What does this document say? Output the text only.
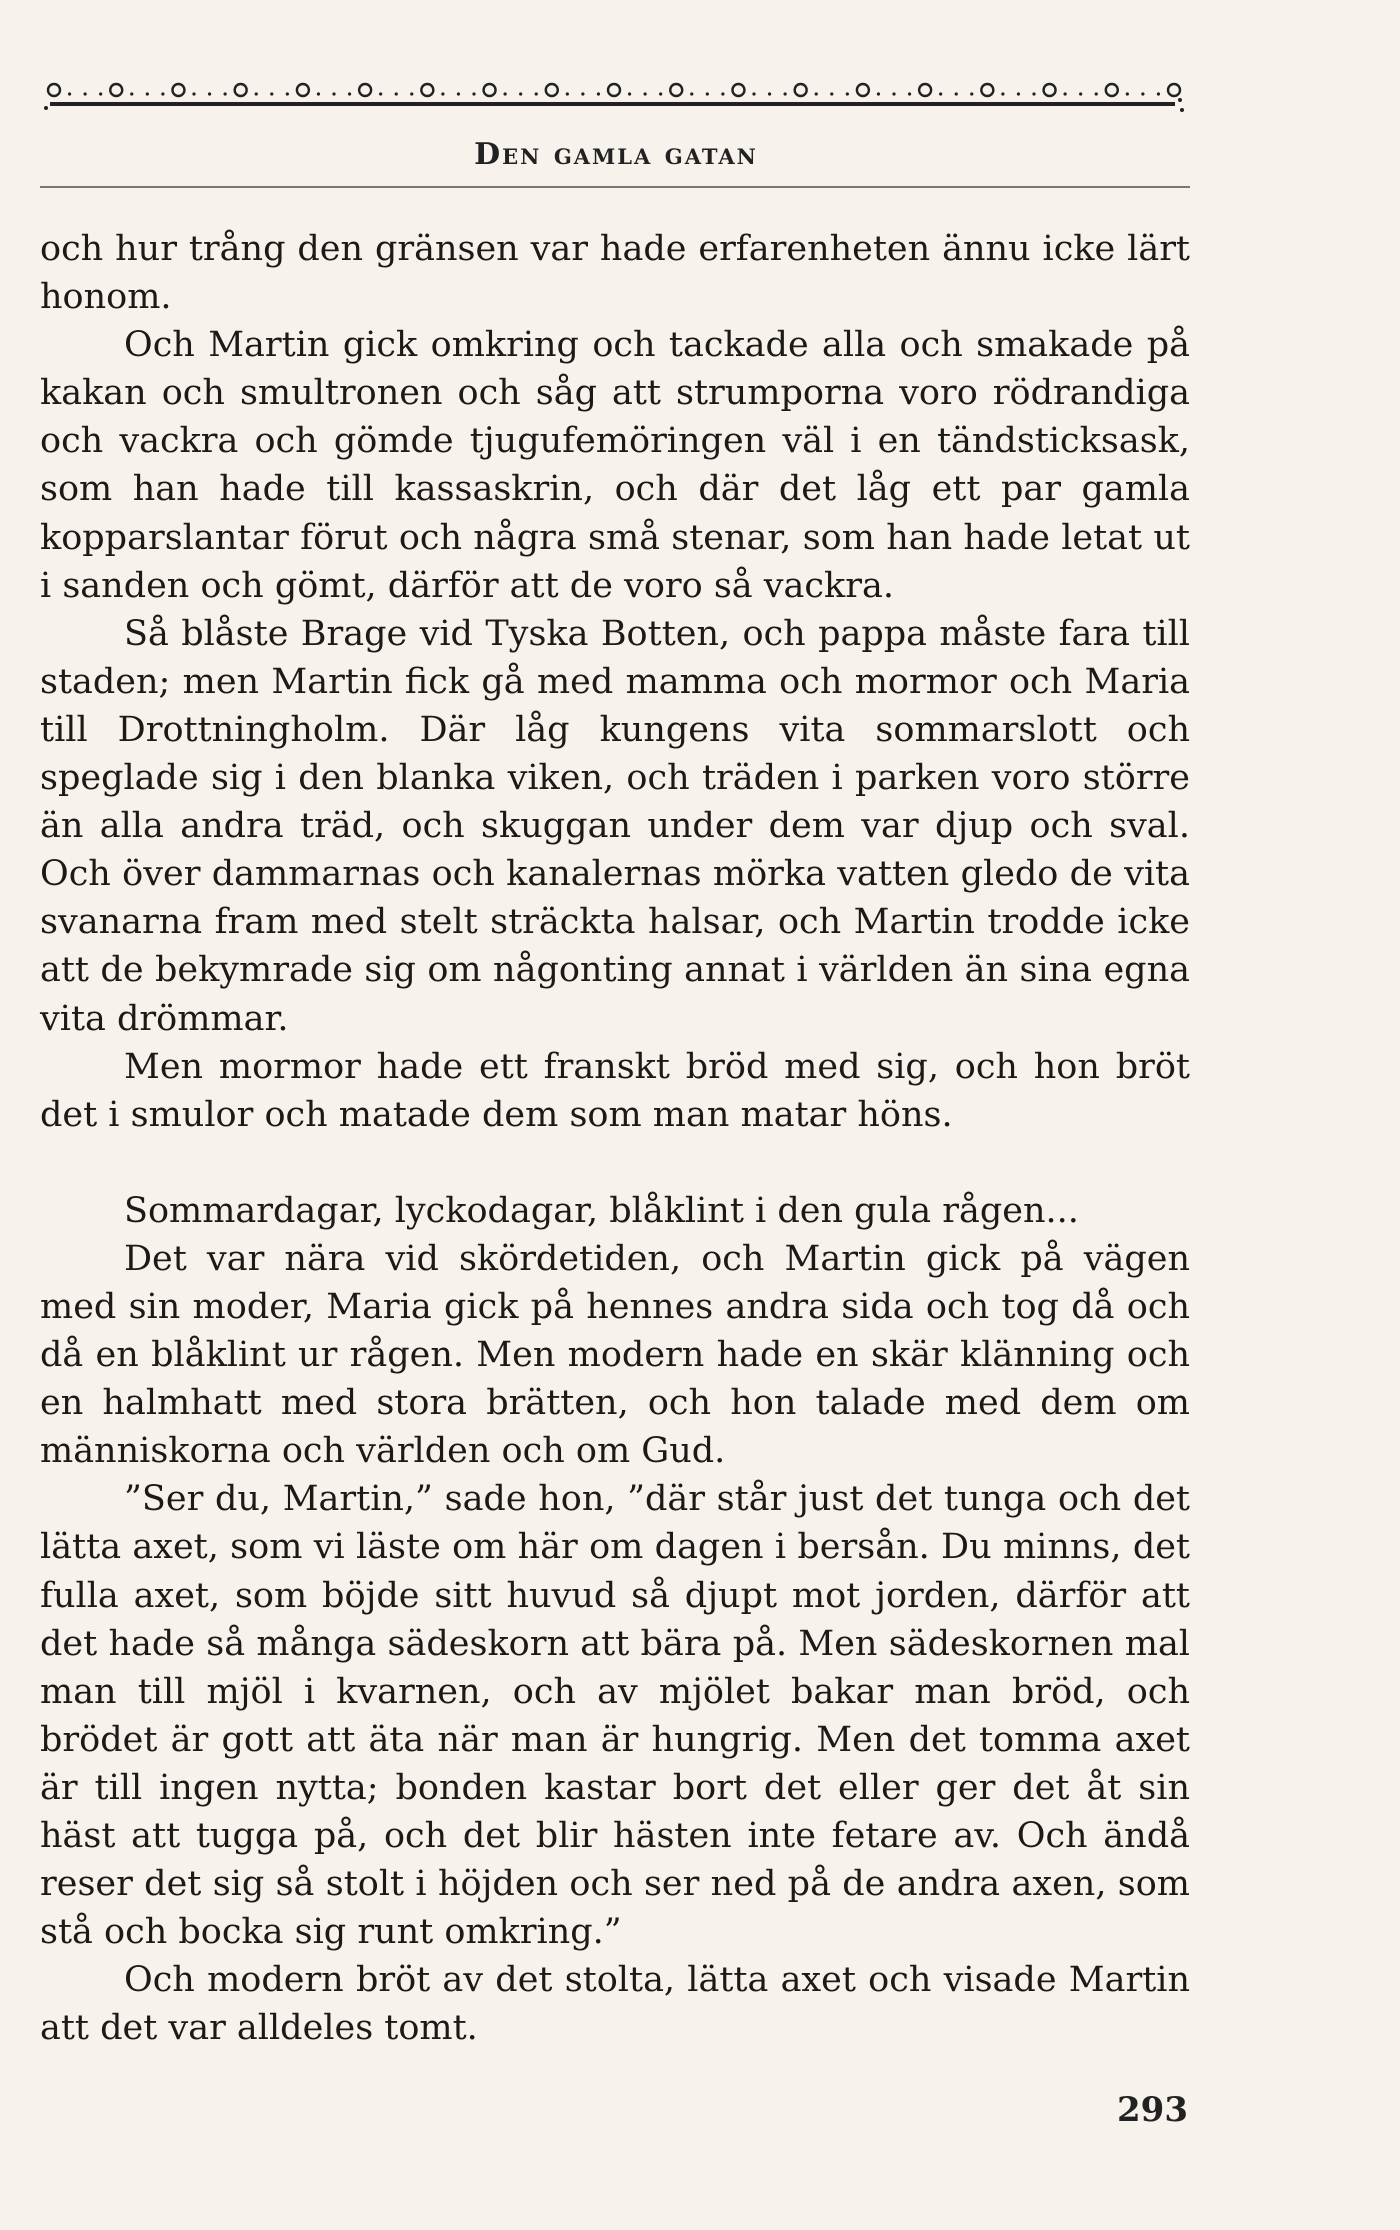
Den gamla gatan

och hur trång den gränsen var hade erfarenheten ännu icke lärt honom.

Och Martin gick omkring och tackade alla och smakade på kakan och smultronen och såg att strumporna voro rödrandiga och vackra och gömde tjugufemöringen väl i en tändsticksask, som han hade till kassaskrin, och där det låg ett par gamla kopparslantar förut och några små stenar, som han hade letat ut i sanden och gömt, därför att de voro så vackra.

Så blåste Brage vid Tyska Botten, och pappa måste fara till staden; men Martin fick gå med mamma och mormor och Maria till Drottningholm. Där låg kungens vita sommarslott och speglade sig i den blanka viken, och träden i parken voro större än alla andra träd, och skuggan under dem var djup och sval. Och över dammarnas och kanalernas mörka vatten gledo de vita svanarna fram med stelt sträckta halsar, och Martin trodde icke att de bekymrade sig om någonting annat i världen än sina egna vita drömmar.

Men mormor hade ett franskt bröd med sig, och hon bröt det i smulor och matade dem som man matar höns.

Sommardagar, lyckodagar, blåklint i den gula rågen...

Det var nära vid skördetiden, och Martin gick på vägen med sin moder, Maria gick på hennes andra sida och tog då och då en blåklint ur rågen. Men modern hade en skär klänning och en halmhatt med stora brätten, och hon talade med dem om människorna och världen och om Gud.

”Ser du, Martin,” sade hon, ”där står just det tunga och det lätta axet, som vi läste om här om dagen i bersån. Du minns, det fulla axet, som böjde sitt huvud så djupt mot jorden, därför att det hade så många sädeskorn att bära på. Men sädeskornen mal man till mjöl i kvarnen, och av mjölet bakar man bröd, och brödet är gott att äta när man är hungrig. Men det tomma axet är till ingen nytta; bonden kastar bort det eller ger det åt sin häst att tugga på, och det blir hästen inte fetare av. Och ändå reser det sig så stolt i höjden och ser ned på de andra axen, som stå och bocka sig runt omkring.”

Och modern bröt av det stolta, lätta axet och visade Martin att det var alldeles tomt.

293
